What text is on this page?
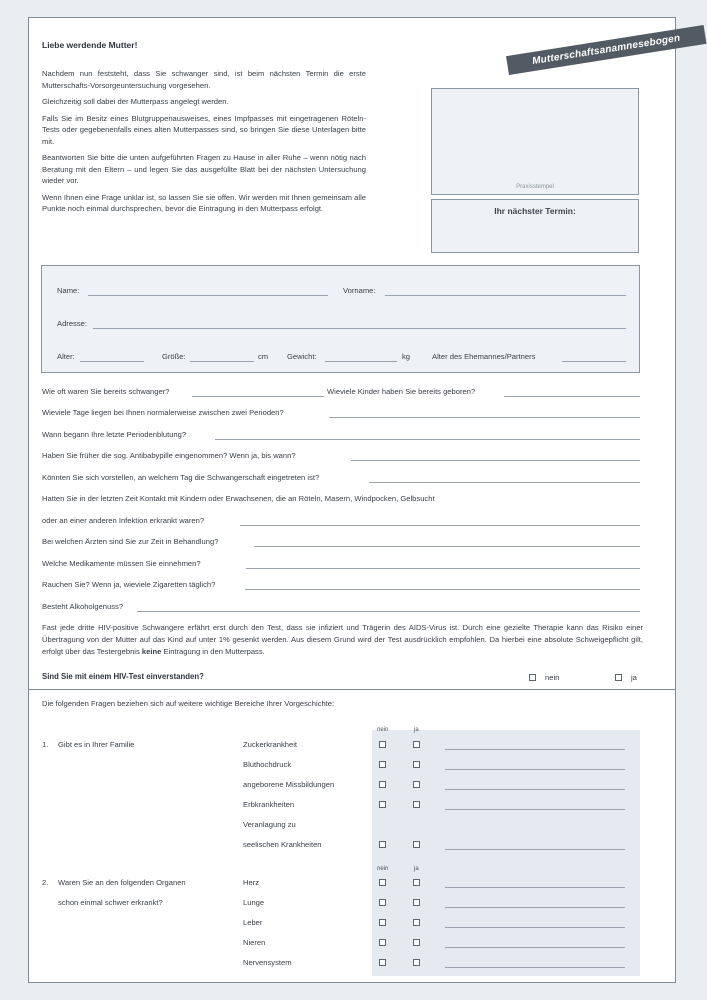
Liebe werdende Mutter!

Nachdem nun feststeht, dass Sie schwanger sind, ist beim nächsten Termin die erste Mutterschafts-Vorsorgeuntersuchung vorgesehen.

Gleichzeitig soll dabei der Mutterpass angelegt werden.

Falls Sie im Besitz eines Blutgruppenausweises, eines Impfpasses mit eingetragenen Röteln-Tests oder gegebenenfalls eines alten Mutterpasses sind, so bringen Sie diese Unterlagen bitte mit.

Beantworten Sie bitte die unten aufgeführten Fragen zu Hause in aller Ruhe – wenn nötig nach Beratung mit den Eltern – und legen Sie das ausgefüllte Blatt bei der nächsten Untersuchung wieder vor.

Wenn Ihnen eine Frage unklar ist, so lassen Sie sie offen. Wir werden mit Ihnen gemeinsam alle Punkte noch einmal durchsprechen, bevor die Eintragung in den Mutterpass erfolgt.

Mutterschaftsanamnesebogen
Praxisstempel
Ihr nächster Termin:
Name:	Vorname:
Adresse:
Alter:	Größe:	cm Gewicht:	kg	Alter des Ehemannes/Partners
Wie oft waren Sie bereits schwanger?	Wieviele Kinder haben Sie bereits geboren?
Wieviele Tage liegen bei Ihnen normalerweise zwischen zwei Perioden?
Wann begann Ihre letzte Periodenblutung?
Haben Sie früher die sog. Antibabypille eingenommen? Wenn ja, bis wann?
Könnten Sie sich vorstellen, an welchem Tag die Schwangerschaft eingetreten ist?
Hatten Sie in der letzten Zeit Kontakt mit Kindern oder Erwachsenen, die an Röteln, Masern, Windpocken, Gelbsucht
oder an einer anderen Infektion erkrankt waren?
Bei welchen Ärzten sind Sie zur Zeit in Behandlung?
Welche Medikamente müssen Sie einnehmen?
Rauchen Sie? Wenn ja, wieviele Zigaretten täglich?
Besteht Alkoholgenuss?
Fast jede dritte HIV-positive Schwangere erfährt erst durch den Test, dass sie infiziert und Trägerin des AIDS-Virus ist. Durch eine gezielte Therapie kann das Risiko einer Übertragung von der Mutter auf das Kind auf unter 1% gesenkt werden. Aus diesem Grund wird der Test ausdrücklich empfohlen. Da hierbei eine absolute Schweigepflicht gilt, erfolgt über das Testergebnis keine Eintragung in den Mutterpass.
Sind Sie mit einem HIV-Test einverstanden?	nein	ja
Die folgenden Fragen beziehen sich auf weitere wichtige Bereiche Ihrer Vorgeschichte:
nein	ja
1. Gibt es in Ihrer Familie	Zuckerkrankheit
Bluthochdruck
angeborene Missbildungen
Erbkrankheiten
Veranlagung zu
seelischen Krankheiten
nein	ja
2. Waren Sie an den folgenden Organen
schon einmal schwer erkrankt?
Herz
Lunge
Leber
Nieren
Nervensystem
